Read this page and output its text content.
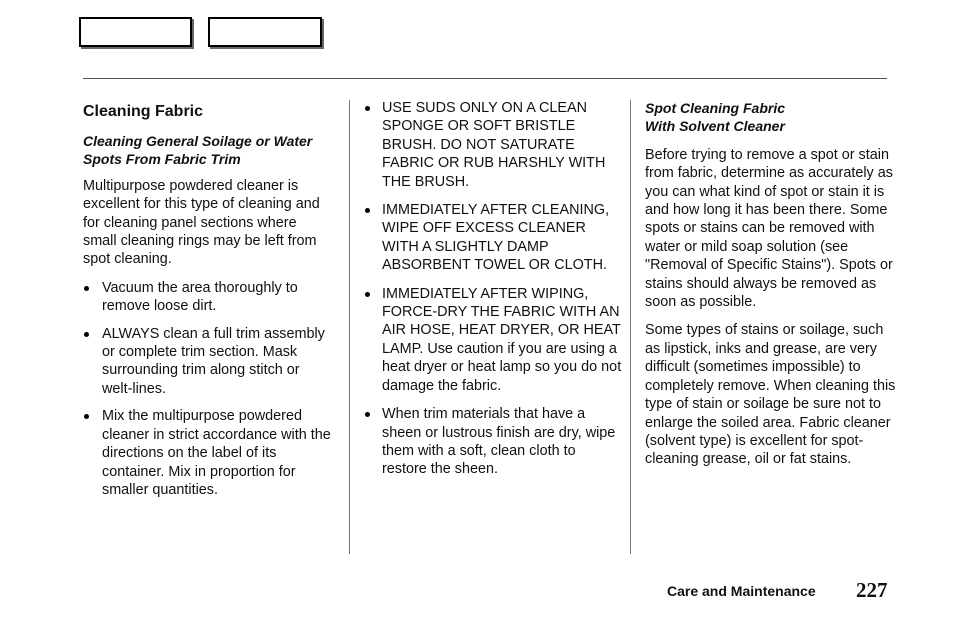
Cleaning Fabric
Cleaning General Soilage or Water Spots From Fabric Trim
Multipurpose powdered cleaner is excellent for this type of cleaning and for cleaning panel sections where small cleaning rings may be left from spot cleaning.
Vacuum the area thoroughly to remove loose dirt.
ALWAYS clean a full trim assembly or complete trim section. Mask surrounding trim along stitch or welt-lines.
Mix the multipurpose powdered cleaner in strict accordance with the directions on the label of its container. Mix in proportion for smaller quantities.
USE SUDS ONLY ON A CLEAN SPONGE OR SOFT BRISTLE BRUSH. DO NOT SATURATE FABRIC OR RUB HARSHLY WITH THE BRUSH.
IMMEDIATELY AFTER CLEANING, WIPE OFF EXCESS CLEANER WITH A SLIGHTLY DAMP ABSORBENT TOWEL OR CLOTH.
IMMEDIATELY AFTER WIPING, FORCE-DRY THE FABRIC WITH AN AIR HOSE, HEAT DRYER, OR HEAT LAMP. Use caution if you are using a heat dryer or heat lamp so you do not damage the fabric.
When trim materials that have a sheen or lustrous finish are dry, wipe them with a soft, clean cloth to restore the sheen.
Spot Cleaning Fabric
With Solvent Cleaner
Before trying to remove a spot or stain from fabric, determine as accurately as you can what kind of spot or stain it is and how long it has been there. Some spots or stains can be removed with water or mild soap solution (see "Removal of Specific Stains"). Spots or stains should always be removed as soon as possible.
Some types of stains or soilage, such as lipstick, inks and grease, are very difficult (sometimes impossible) to completely remove. When cleaning this type of stain or soilage be sure not to enlarge the soiled area. Fabric cleaner (solvent type) is excellent for spot-cleaning grease, oil or fat stains.
Care and Maintenance 227
